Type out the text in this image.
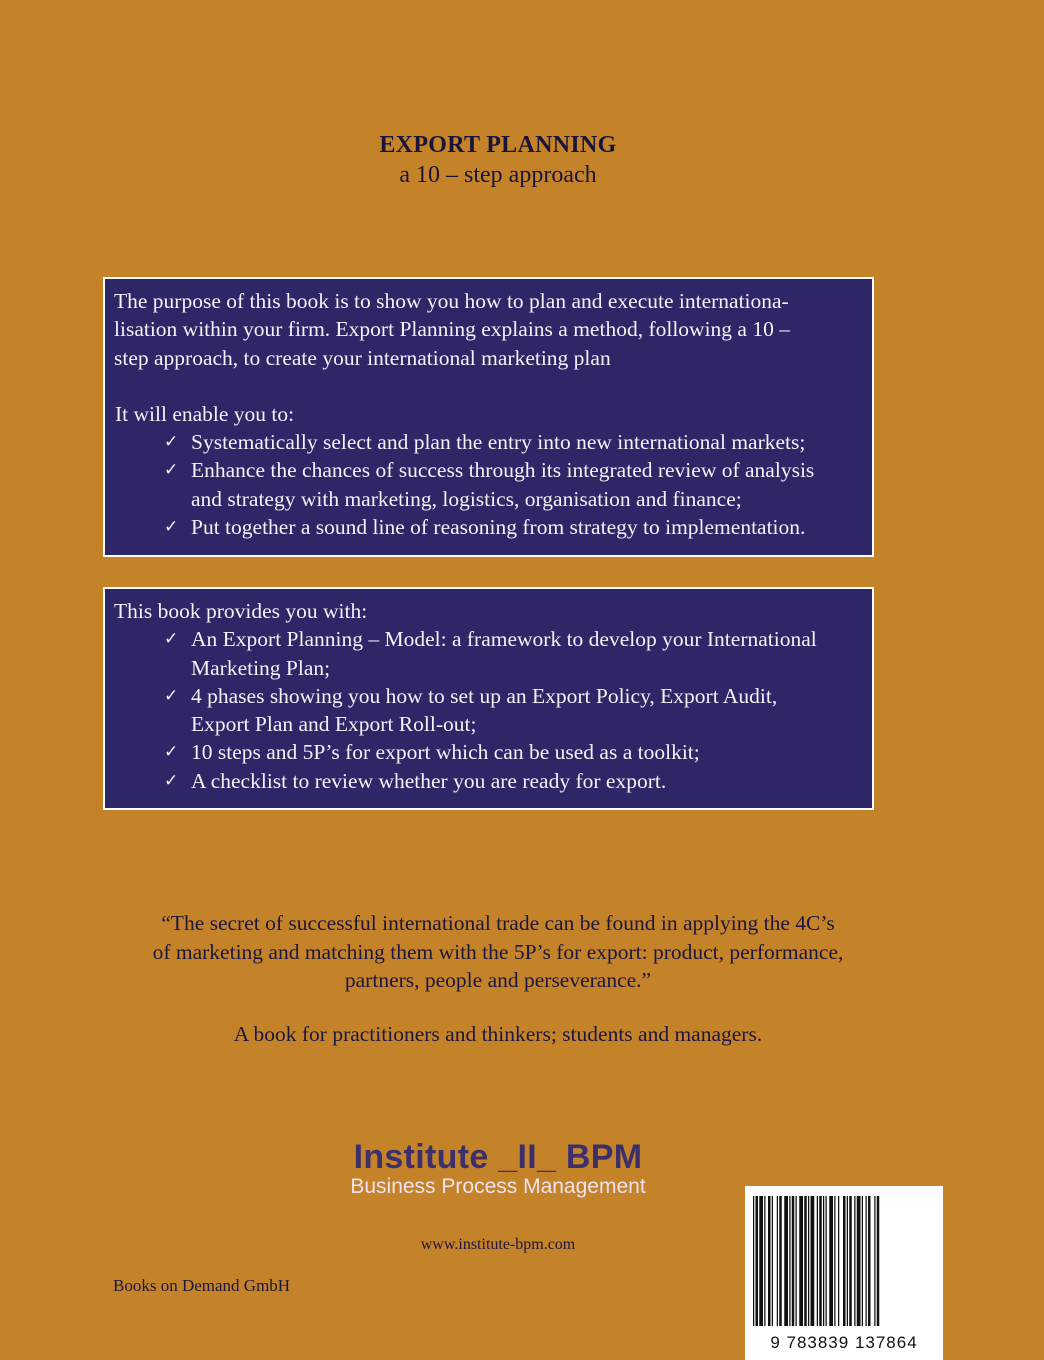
EXPORT PLANNING
a 10 – step approach

The purpose of this book is to show you how to plan and execute internationa-

lisation within your firm. Export Planning explains a method, following a 10 –

step approach, to create your international marketing plan

It will enable you to:

✓ Systematically select and plan the entry into new international markets;
✓ Enhance the chances of success through its integrated review of analysis
and strategy with marketing, logistics, organisation and finance;
✓ Put together a sound line of reasoning from strategy to implementation.

This book provides you with:

✓ An Export Planning – Model: a framework to develop your International
Marketing Plan;
✓ 4 phases showing you how to set up an Export Policy, Export Audit,
Export Plan and Export Roll-out;
✓ 10 steps and 5P’s for export which can be used as a toolkit;
✓ A checklist to review whether you are ready for export.
“The secret of successful international trade can be found in applying the 4C’s
of marketing and matching them with the 5P’s for export: product, performance,
partners, people and perseverance.”
A book for practitioners and thinkers; students and managers.
Institute _II_ BPM
Business Process Management
www.institute-bpm.com
Books on Demand GmbH
9 783839 137864
